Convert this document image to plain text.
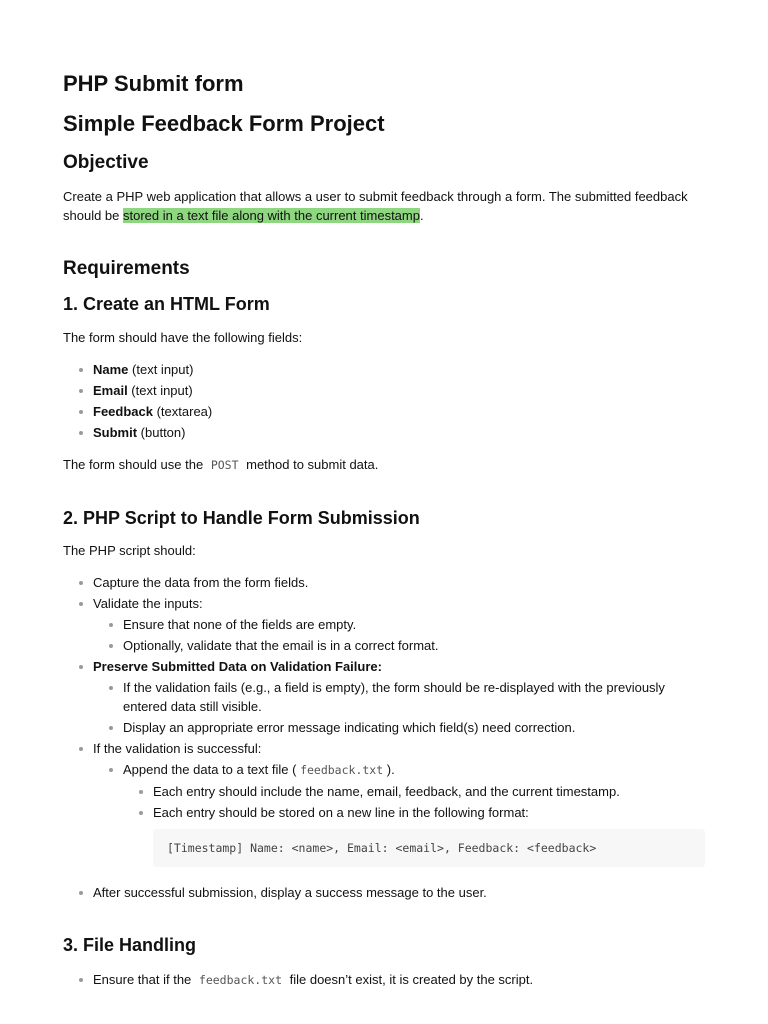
PHP Submit form
Simple Feedback Form Project
Objective

Create a PHP web application that allows a user to submit feedback through a form. The submitted feedback should be stored in a text file along with the current timestamp.

Requirements
1. Create an HTML Form

The form should have the following fields:

Name (text input)
Email (text input)
Feedback (textarea)
Submit (button)

The form should use the POST method to submit data.

2. PHP Script to Handle Form Submission

The PHP script should:

Capture the data from the form fields.
Validate the inputs:
Ensure that none of the fields are empty.
Optionally, validate that the email is in a correct format.
Preserve Submitted Data on Validation Failure:
If the validation fails (e.g., a field is empty), the form should be re-displayed with the previously entered data still visible.
Display an appropriate error message indicating which field(s) need correction.
If the validation is successful:
Append the data to a text file ( feedback.txt ).
Each entry should include the name, email, feedback, and the current timestamp.
Each entry should be stored on a new line in the following format:
[Timestamp] Name: <name>, Email: <email>, Feedback: <feedback>
After successful submission, display a success message to the user.
3. File Handling
Ensure that if the feedback.txt file doesn’t exist, it is created by the script.
